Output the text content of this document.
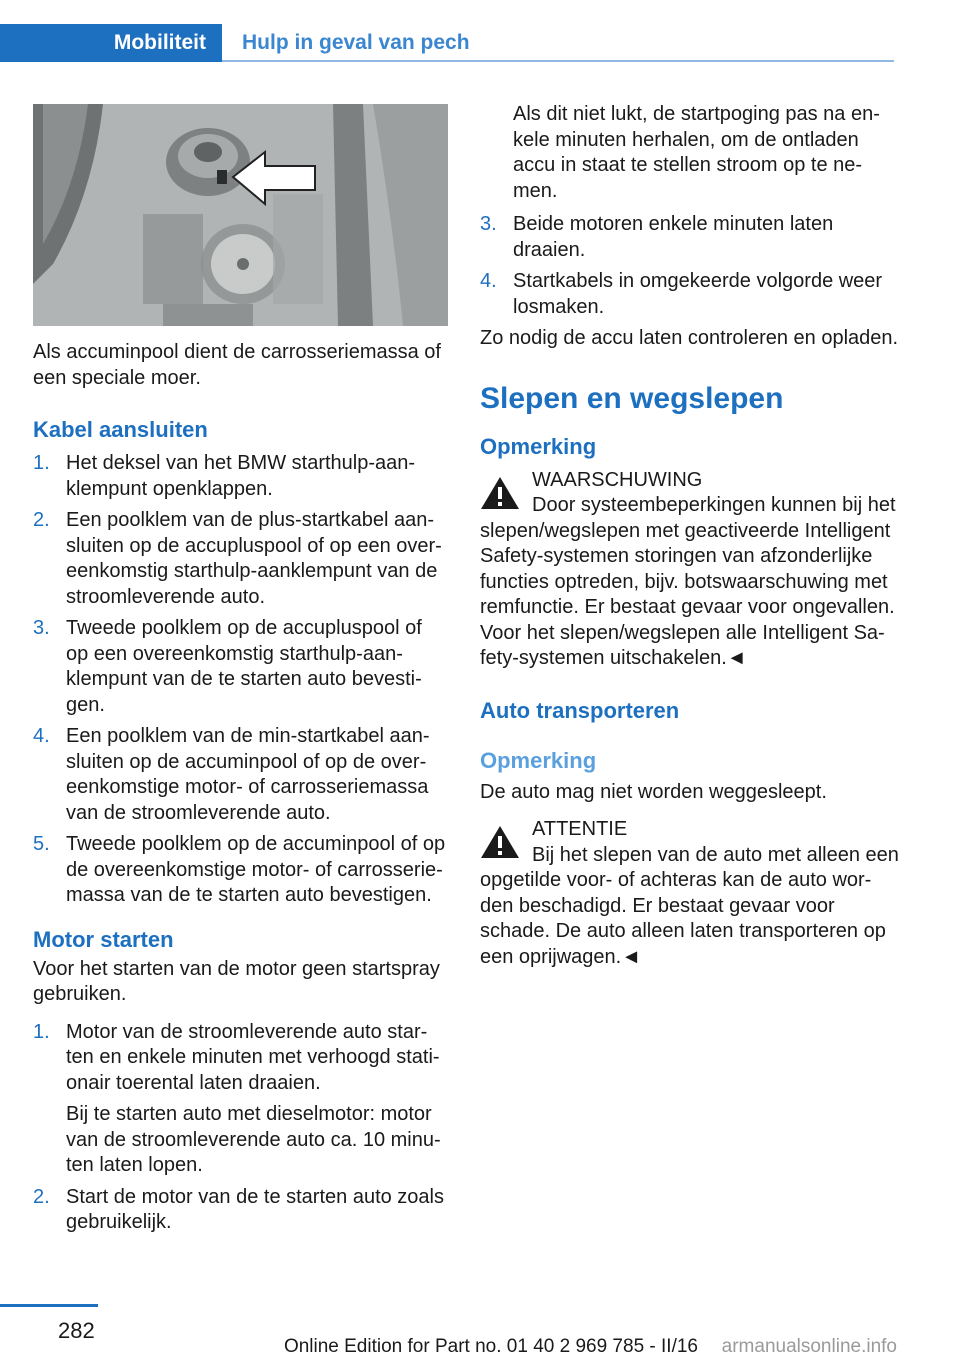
Mobiliteit Hulp in geval van pech

Als accuminpool dient de carrosseriemassa of een speciale moer.

Kabel aansluiten
1. Het deksel van het BMW starthulp-aan-klempunt openklappen.
2. Een poolklem van de plus-startkabel aan-sluiten op de accupluspool of op een over-eenkomstig starthulp-aanklempunt van de stroomleverende auto.
3. Tweede poolklem op de accupluspool of op een overeenkomstig starthulp-aan-klempunt van de te starten auto bevesti-gen.
4. Een poolklem van de min-startkabel aan-sluiten op de accuminpool of op de over-eenkomstige motor- of carrosseriemassa van de stroomleverende auto.
5. Tweede poolklem op de accuminpool of op de overeenkomstige motor- of carrosserie-massa van de te starten auto bevestigen.
Motor starten

Voor het starten van de motor geen startspray gebruiken.

1. Motor van de stroomleverende auto star-ten en enkele minuten met verhoogd stati-onair toerental laten draaien.
Bij te starten auto met dieselmotor: motor van de stroomleverende auto ca. 10 minu-ten laten lopen.
2. Start de motor van de te starten auto zoals gebruikelijk.

Als dit niet lukt, de startpoging pas na en-kele minuten herhalen, om de ontladen accu in staat te stellen stroom op te ne-men.

3. Beide motoren enkele minuten laten draaien.
4. Startkabels in omgekeerde volgorde weer losmaken.

Zo nodig de accu laten controleren en opladen.

Slepen en wegslepen
Opmerking

WAARSCHUWING

Door systeembeperkingen kunnen bij het slepen/wegslepen met geactiveerde Intelligent Safety-systemen storingen van afzonderlijke functies optreden, bijv. botswaarschuwing met remfunctie. Er bestaat gevaar voor ongevallen. Voor het slepen/wegslepen alle Intelligent Sa-fety-systemen uitschakelen.◄

Auto transporteren
Opmerking

De auto mag niet worden weggesleept.

ATTENTIE

Bij het slepen van de auto met alleen een opgetilde voor- of achteras kan de auto wor-den beschadigd. Er bestaat gevaar voor schade. De auto alleen laten transporteren op een oprijwagen.◄

282
Online Edition for Part no. 01 40 2 969 785 - II/16 armanualsonline.info
